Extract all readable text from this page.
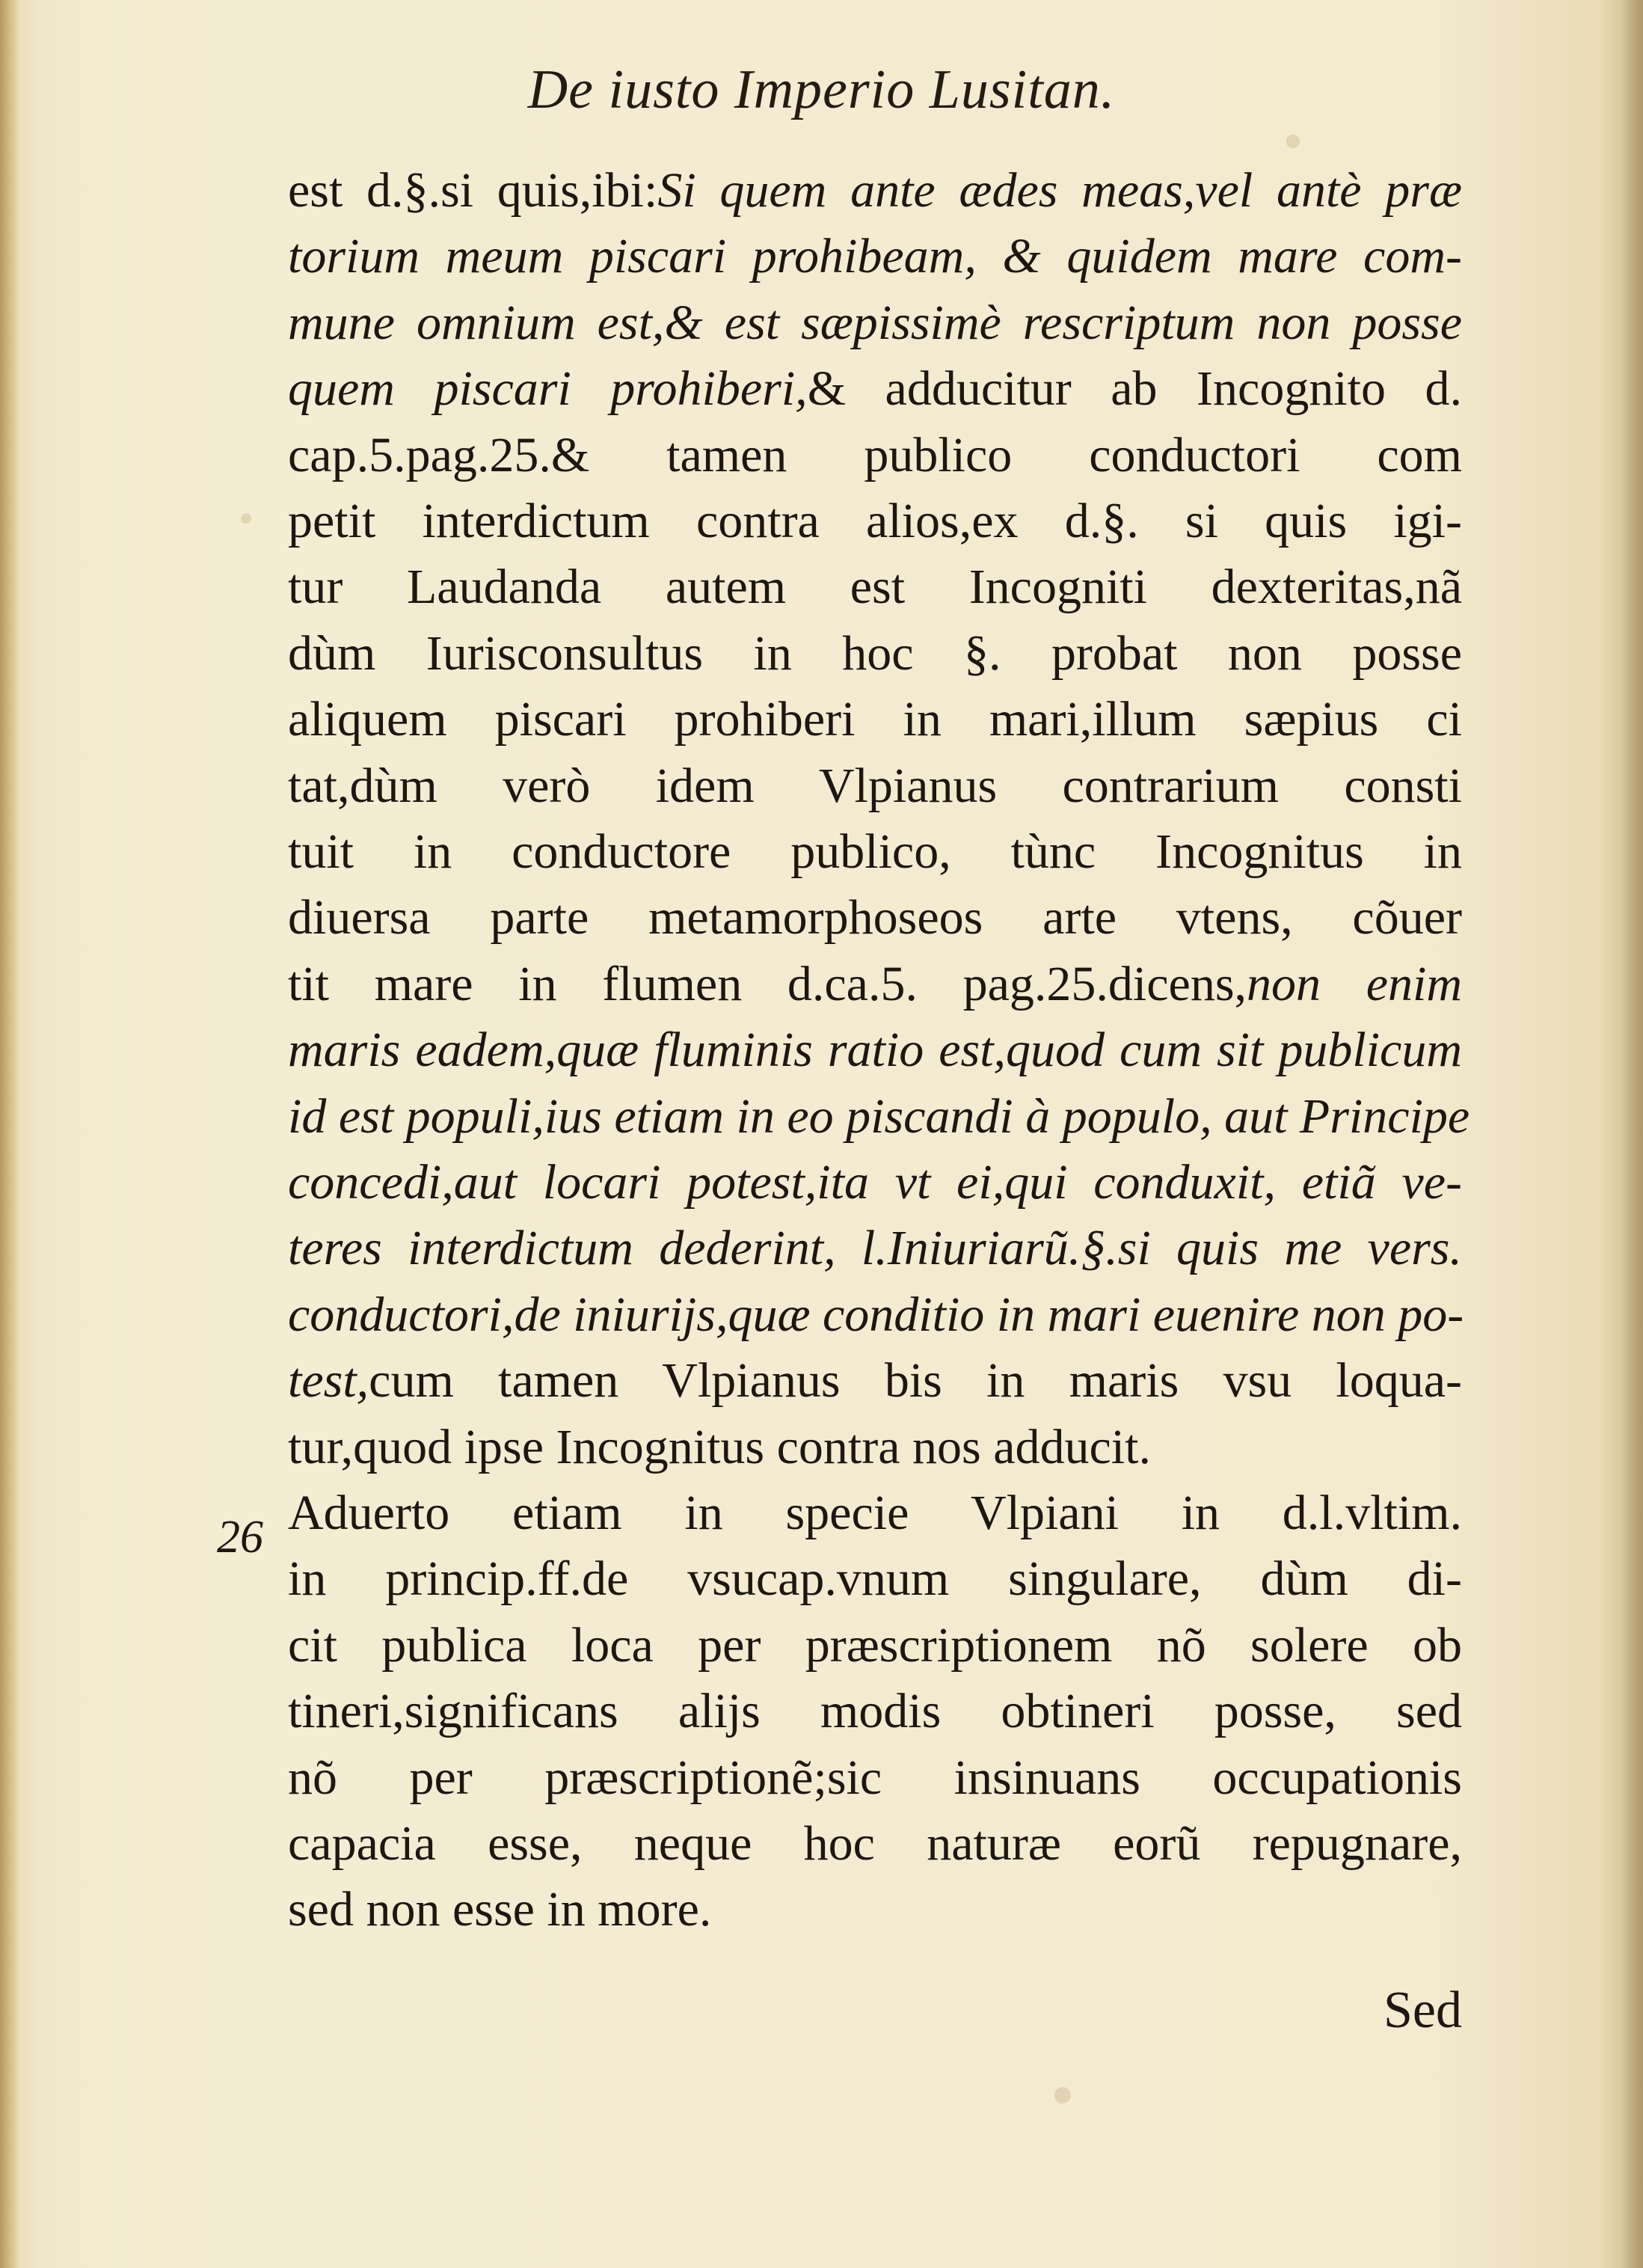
De iusto Imperio Lusitan.
est d.§.si quis,ibi:Si quem ante ædes meas,vel antè præ
torium meum piscari prohibeam, & quidem mare com-
mune omnium est,& est sæpissimè rescriptum non posse
quem piscari prohiberi,& adducitur ab Incognito d.
cap.5.pag.25.& tamen publico conductori com
petit interdictum contra alios,ex d.§. si quis igi-
tur Laudanda autem est Incogniti dexteritas,nã
dùm Iurisconsultus in hoc §. probat non posse
aliquem piscari prohiberi in mari,illum sæpius ci
tat,dùm verò idem Vlpianus contrarium consti
tuit in conductore publico, tùnc Incognitus in
diuersa parte metamorphoseos arte vtens, cõuer
tit mare in flumen d.ca.5. pag.25.dicens,non enim
maris eadem,quæ fluminis ratio est,quod cum sit publicum
id est populi,ius etiam in eo piscandi à populo, aut Principe
concedi,aut locari potest,ita vt ei,qui conduxit, etiã ve-
teres interdictum dederint, l.Iniuriarũ.§.si quis me vers.
conductori,de iniurijs,quæ conditio in mari euenire non po-
test,cum tamen Vlpianus bis in maris vsu loqua-
tur,quod ipse Incognitus contra nos adducit.
Aduerto etiam in specie Vlpiani in d.l.vltim.
in princip.ff.de vsucap.vnum singulare, dùm di-
cit publica loca per præscriptionem nõ solere ob
tineri,significans alijs modis obtineri posse, sed
nõ per præscriptionẽ;sic insinuans occupationis
capacia esse, neque hoc naturæ eorũ repugnare,
sed non esse in more.
26
Sed
